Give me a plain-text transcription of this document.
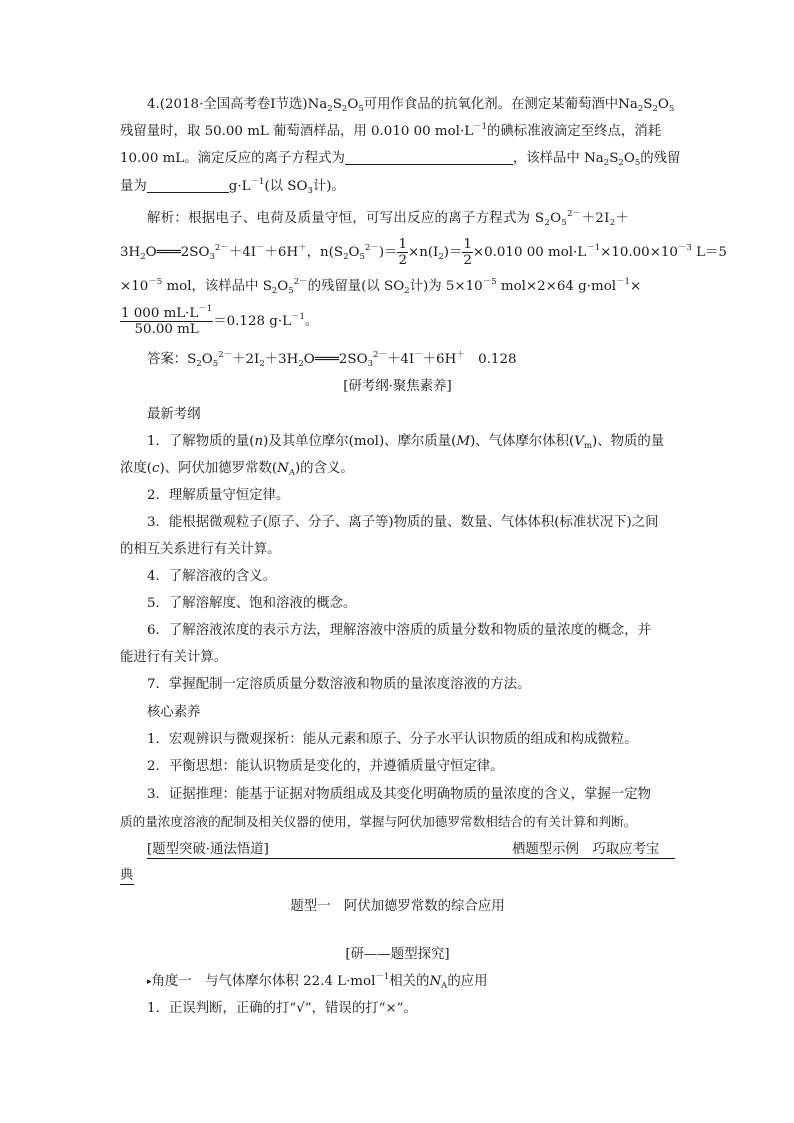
4.(2018·全国高考卷Ⅰ节选)$Na_2S_2O_5$可用作食品的抗氧化剂。在测定某葡萄酒中$Na_2S_2O_5$
残留量时，取 50.00 mL 葡萄酒样品，用 0.010 00 $mol\cdot L^{-1}$的碘标准液滴定至终点，消耗
10.00 mL。滴定反应的离子方程式为	，该样品中 $Na_2S_2O_5$的残留
量为	$g\cdot L^{-1}$(以 $SO_3$计)。
解析：根据电子、电荷及质量守恒，可写出反应的离子方程式为 $S_2O_5^{2-}+2I_2+$
$3H_2O═══2SO_3^{2-}+4I^-+6H^+$，$n(S_2O_5^{2-})= \frac{1}{2} \times n(I_2)= \frac{1}{2} \times 0.010$ 00 $mol\cdot L^{-1}\times 10.00\times 10^{-3}$ L＝5
$\times 10^{-5}$ mol，该样品中 $S_2O_5^{2-}$的残留量(以 $SO_2$计)为 $5\times 10^{-5}$ mol×2×64 g·mol$^{-1}$×
$\frac{1 000 mL\cdot L^{-1}}{50.00 mL} =0.128$ $g\cdot L^{-1}$。
答案：$S_2O_5^{2-}+2I_2+3H_2O═══2SO_3^{2-}+4I^-+6H^+$　0.128
[研考纲·聚焦素养]
最新考纲
1．了解物质的量(n)及其单位摩尔(mol)、摩尔质量(M)、气体摩尔体积$(V_m)$、物质的量
浓度(c)、阿伏加德罗常数$(N_A)$的含义。
2．理解质量守恒定律。
3．能根据微观粒子(原子、分子、离子等)物质的量、数量、气体体积(标准状况下)之间
的相互关系进行有关计算。
4．了解溶液的含义。
5．了解溶解度、饱和溶液的概念。
6．了解溶液浓度的表示方法，理解溶液中溶质的质量分数和物质的量浓度的概念，并
能进行有关计算。
7．掌握配制一定溶质质量分数溶液和物质的量浓度溶液的方法。
核心素养
1．宏观辨识与微观探析：能从元素和原子、分子水平认识物质的组成和构成微粒。
2．平衡思想：能认识物质是变化的，并遵循质量守恒定律。
3．证据推理：能基于证据对物质组成及其变化明确物质的量浓度的含义，掌握一定物
质的量浓度溶液的配制及相关仪器的使用，掌握与阿伏加德罗常数相结合的有关计算和判断。
[题型突破·通法悟道]	栖题型示例　巧取应考宝
典
题型一　阿伏加德罗常数的综合应用
[研——题型探究]
▸角度一　与气体摩尔体积 22.4 L·mol$^{-1}$相关的$N_A$的应用
1．正误判断，正确的打“√”，错误的打“×”。
